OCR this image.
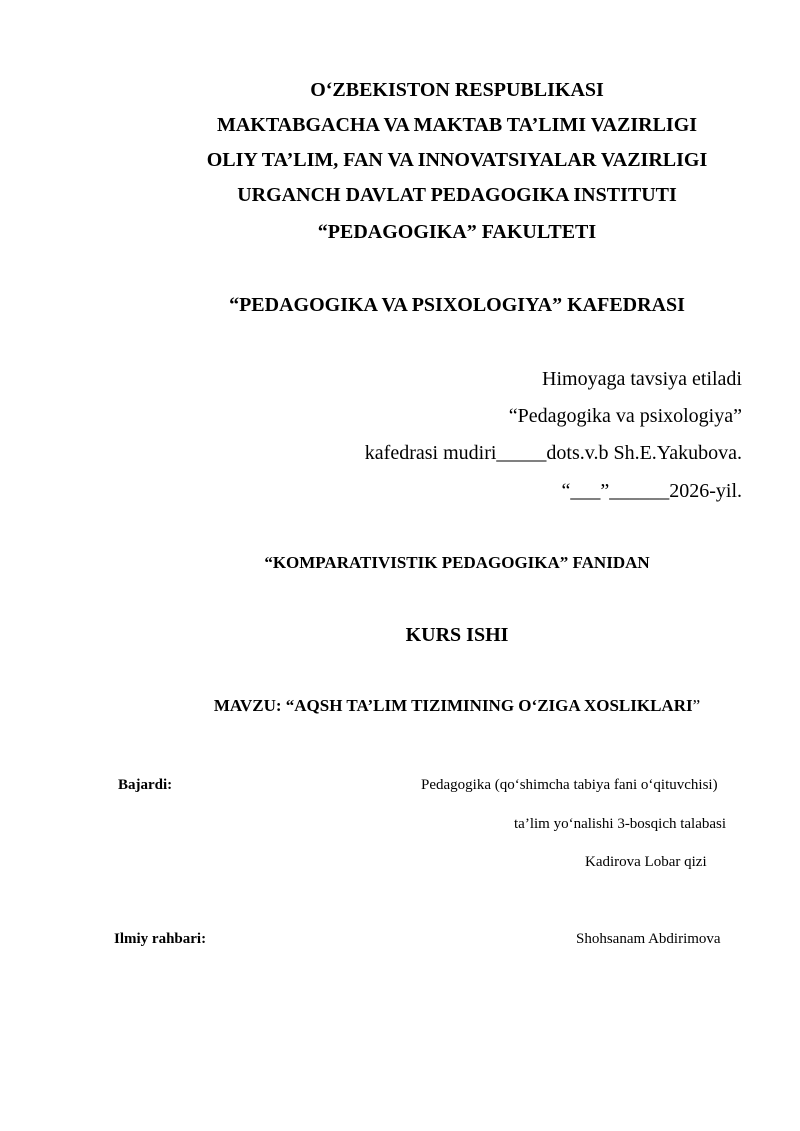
O‘ZBEKISTON RESPUBLIKASI

MAKTABGACHA VA MAKTAB TA’LIMI VAZIRLIGI

OLIY TA’LIM, FAN VA INNOVATSIYALAR VAZIRLIGI

URGANCH DAVLAT PEDAGOGIKA INSTITUTI

“PEDAGOGIKA” FAKULTETI

“PEDAGOGIKA VA PSIXOLOGIYA” KAFEDRASI

Himoyaga tavsiya etiladi

“Pedagogika va psixologiya”

kafedrasi mudiri_____dots.v.b Sh.E.Yakubova.

“___”______2026-yil.

“KOMPARATIVISTIK PEDAGOGIKA” FANIDAN

KURS ISHI

MAVZU: “AQSH TA’LIM TIZIMINING O‘ZIGA XOSLIKLARI”

Bajardi:	Pedagogika (qo‘shimcha tabiya fani o‘qituvchisi)

ta’lim yo‘nalishi 3-bosqich talabasi

Kadirova Lobar qizi

Ilmiy rahbari:	Shohsanam Abdirimova
